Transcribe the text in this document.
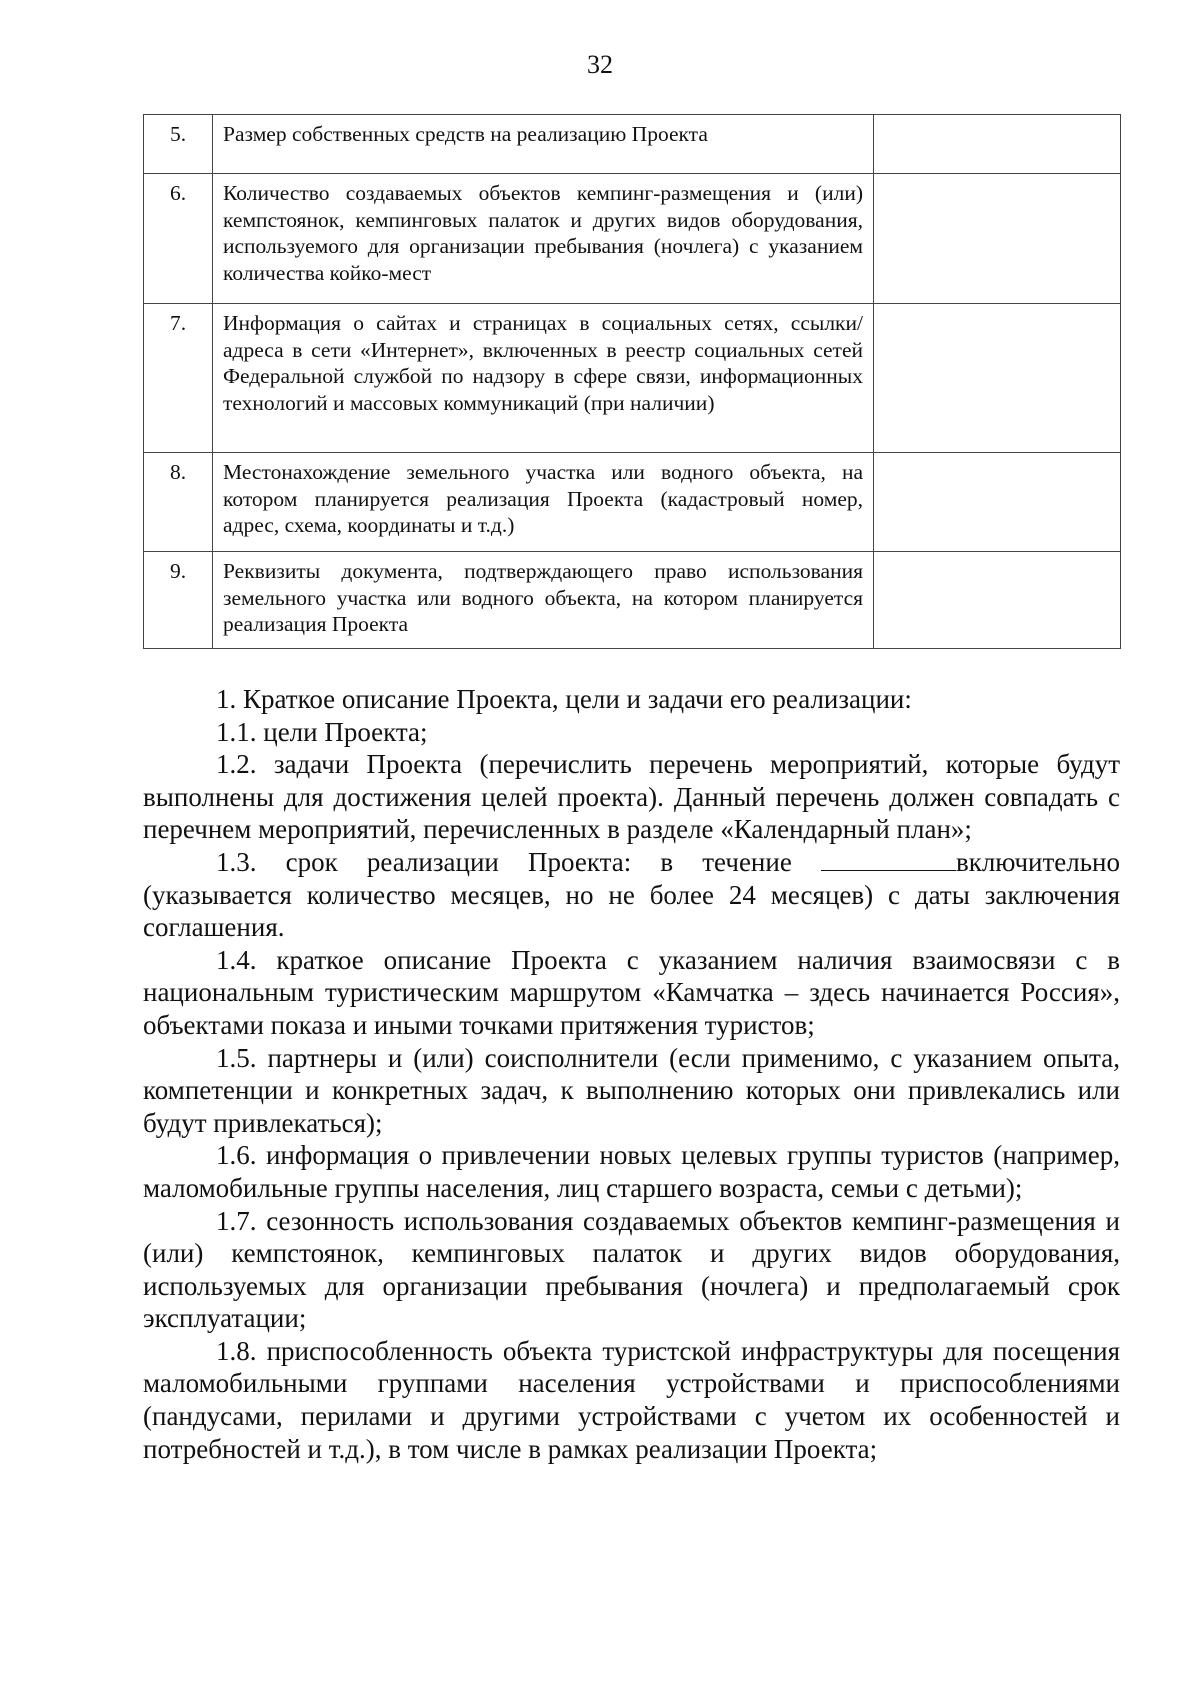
32
5.	Размер собственных средств на реализацию Проекта	
6.	Количество создаваемых объектов кемпинг-размещения и (или) кемпстоянок, кемпинговых палаток и других видов оборудования, используемого для организации пребывания (ночлега) с указанием количества койко-мест	
7.	Информация о сайтах и страницах в социальных сетях, ссылки/адреса в сети «Интернет», включенных в реестр социальных сетей Федеральной службой по надзору в сфере связи, информационных технологий и массовых коммуникаций (при наличии)	
8.	Местонахождение земельного участка или водного объекта, на котором планируется реализация Проекта (кадастровый номер, адрес, схема, координаты и т.д.)	
9.	Реквизиты документа, подтверждающего право использования земельного участка или водного объекта, на котором планируется реализация Проекта	

1. Краткое описание Проекта, цели и задачи его реализации:

1.1. цели Проекта;

1.2. задачи Проекта (перечислить перечень мероприятий, которые будут выполнены для достижения целей проекта). Данный перечень должен совпадать с перечнем мероприятий, перечисленных в разделе «Календарный план»;

1.3. срок реализации Проекта: в течение	включительно (указывается количество месяцев, но не более 24 месяцев) с даты заключения соглашения.

1.4. краткое описание Проекта с указанием наличия взаимосвязи с в национальным туристическим маршрутом «Камчатка – здесь начинается Россия», объектами показа и иными точками притяжения туристов;

1.5. партнеры и (или) соисполнители (если применимо, с указанием опыта, компетенции и конкретных задач, к выполнению которых они привлекались или будут привлекаться);

1.6. информация о привлечении новых целевых группы туристов (например, маломобильные группы населения, лиц старшего возраста, семьи с детьми);

1.7. сезонность использования создаваемых объектов кемпинг-размещения и (или) кемпстоянок, кемпинговых палаток и других видов оборудования, используемых для организации пребывания (ночлега) и предполагаемый срок эксплуатации;

1.8. приспособленность объекта туристской инфраструктуры для посещения маломобильными группами населения устройствами и приспособлениями (пандусами, перилами и другими устройствами с учетом их особенностей и потребностей и т.д.), в том числе в рамках реализации Проекта;
